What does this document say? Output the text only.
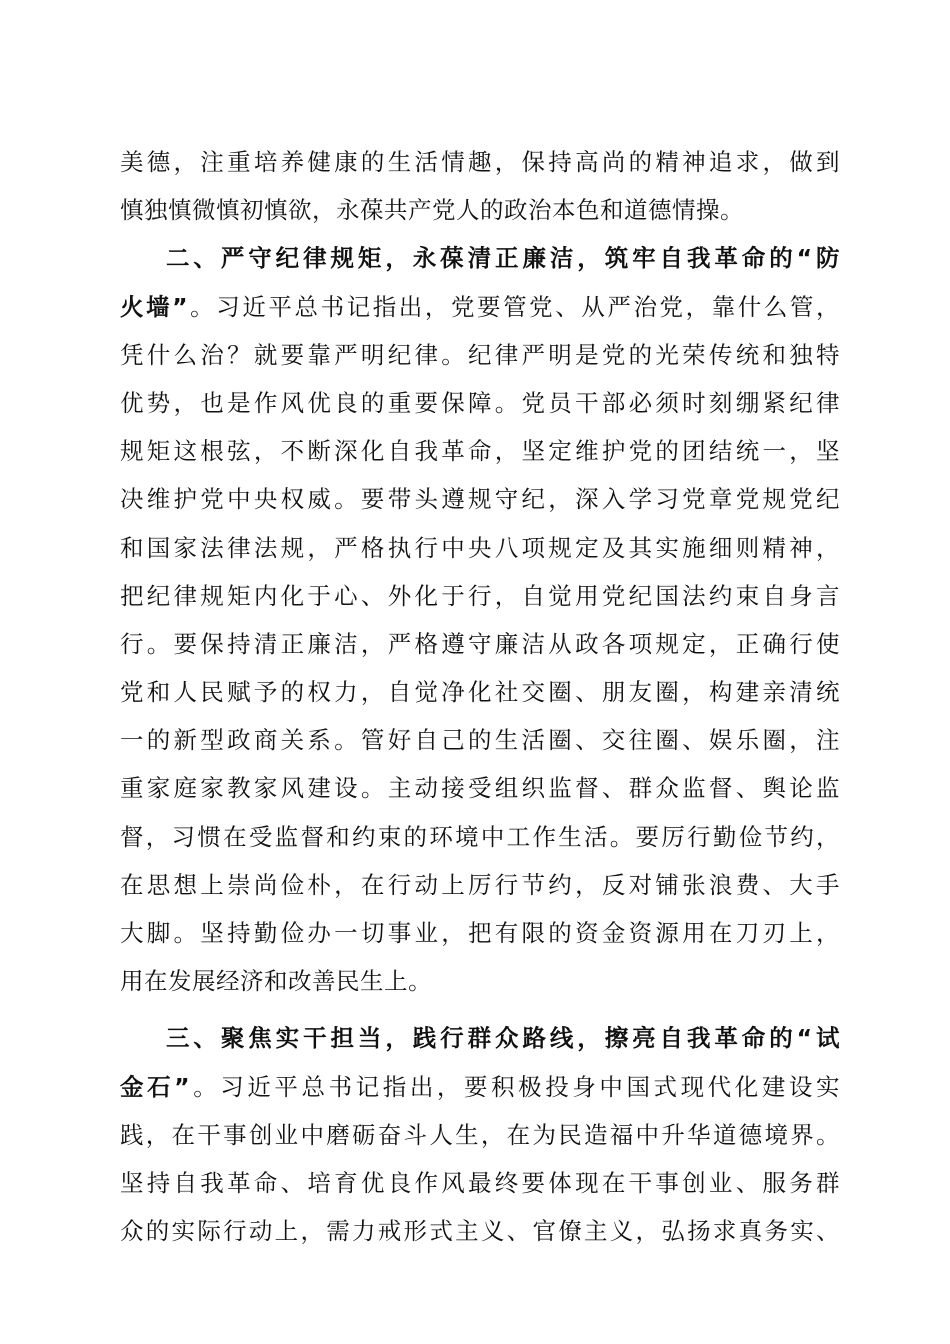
美德，注重培养健康的生活情趣，保持高尚的精神追求，做到
慎独慎微慎初慎欲，永葆共产党人的政治本色和道德情操。
二、严守纪律规矩，永葆清正廉洁，筑牢自我革命的“防
火墙”。习近平总书记指出，党要管党、从严治党，靠什么管，
凭什么治？就要靠严明纪律。纪律严明是党的光荣传统和独特
优势，也是作风优良的重要保障。党员干部必须时刻绷紧纪律
规矩这根弦，不断深化自我革命，坚定维护党的团结统一，坚
决维护党中央权威。要带头遵规守纪，深入学习党章党规党纪
和国家法律法规，严格执行中央八项规定及其实施细则精神，
把纪律规矩内化于心、外化于行，自觉用党纪国法约束自身言
行。要保持清正廉洁，严格遵守廉洁从政各项规定，正确行使
党和人民赋予的权力，自觉净化社交圈、朋友圈，构建亲清统
一的新型政商关系。管好自己的生活圈、交往圈、娱乐圈，注
重家庭家教家风建设。主动接受组织监督、群众监督、舆论监
督，习惯在受监督和约束的环境中工作生活。要厉行勤俭节约，
在思想上崇尚俭朴，在行动上厉行节约，反对铺张浪费、大手
大脚。坚持勤俭办一切事业，把有限的资金资源用在刀刃上，
用在发展经济和改善民生上。
三、聚焦实干担当，践行群众路线，擦亮自我革命的“试
金石”。习近平总书记指出，要积极投身中国式现代化建设实
践，在干事创业中磨砺奋斗人生，在为民造福中升华道德境界。
坚持自我革命、培育优良作风最终要体现在干事创业、服务群
众的实际行动上，需力戒形式主义、官僚主义，弘扬求真务实、
